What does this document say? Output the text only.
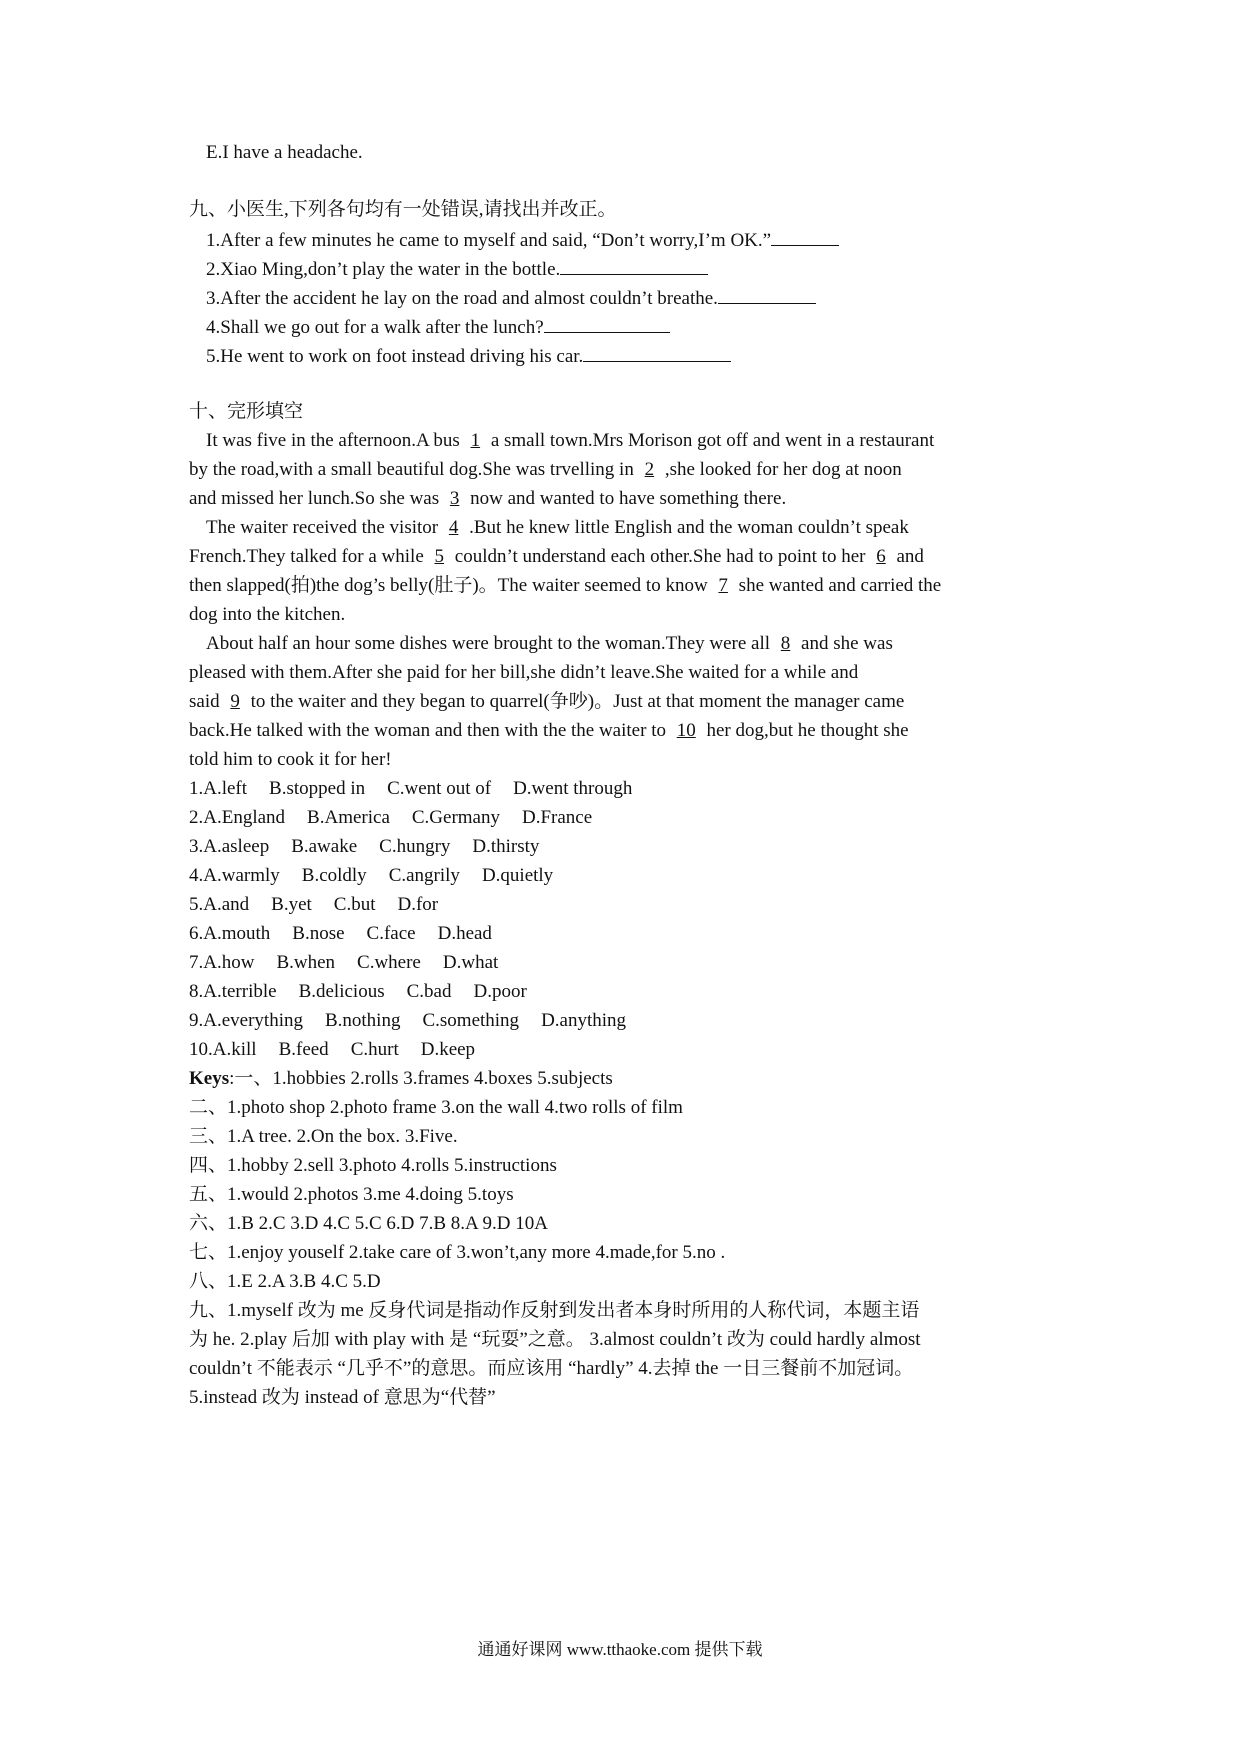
E.I have a headache.
九、小医生,下列各句均有一处错误,请找出并改正。
1.After a few minutes he came to myself and said, “Don’t worry,I’m OK.”
2.Xiao Ming,don’t play the water in the bottle.
3.After the accident he lay on the road and almost couldn’t breathe.
4.Shall we go out for a walk after the lunch?
5.He went to work on foot instead driving his car.
十、完形填空
It was five in the afternoon.A bus 1 a small town.Mrs Morison got off and went in a restaurant
by the road,with a small beautiful dog.She was trvelling in 2 ,she looked for her dog at noon
and missed her lunch.So she was 3 now and wanted to have something there.
The waiter received the visitor 4 .But he knew little English and the woman couldn’t speak
French.They talked for a while 5 couldn’t understand each other.She had to point to her 6 and
then slapped(拍)the dog’s belly(肚子)。The waiter seemed to know 7 she wanted and carried the
dog into the kitchen.
About half an hour some dishes were brought to the woman.They were all 8 and she was
pleased with them.After she paid for her bill,she didn’t leave.She waited for a while and
said 9 to the waiter and they began to quarrel(争吵)。Just at that moment the manager came
back.He talked with the woman and then with the the waiter to 10 her dog,but he thought she
told him to cook it for her!
1.A.left B.stopped in C.went out of D.went through
2.A.England B.America C.Germany D.France
3.A.asleep B.awake C.hungry D.thirsty
4.A.warmly B.coldly C.angrily D.quietly
5.A.and B.yet C.but D.for
6.A.mouth B.nose C.face D.head
7.A.how B.when C.where D.what
8.A.terrible B.delicious C.bad D.poor
9.A.everything B.nothing C.something D.anything
10.A.kill B.feed C.hurt D.keep
Keys:一、1.hobbies 2.rolls 3.frames 4.boxes 5.subjects
二、1.photo shop 2.photo frame 3.on the wall 4.two rolls of film
三、1.A tree. 2.On the box. 3.Five.
四、1.hobby 2.sell 3.photo 4.rolls 5.instructions
五、1.would 2.photos 3.me 4.doing 5.toys
六、1.B 2.C 3.D 4.C 5.C 6.D 7.B 8.A 9.D 10A
七、1.enjoy youself 2.take care of 3.won’t,any more 4.made,for 5.no .
八、1.E 2.A 3.B 4.C 5.D
九、1.myself 改为 me 反身代词是指动作反射到发出者本身时所用的人称代词，本题主语
为 he. 2.play 后加 with play with 是 “玩耍”之意。 3.almost couldn’t 改为 could hardly almost
couldn’t 不能表示 “几乎不”的意思。而应该用 “hardly” 4.去掉 the 一日三餐前不加冠词。
5.instead 改为 instead of 意思为“代替”
通通好课网 www.tthaoke.com 提供下载
